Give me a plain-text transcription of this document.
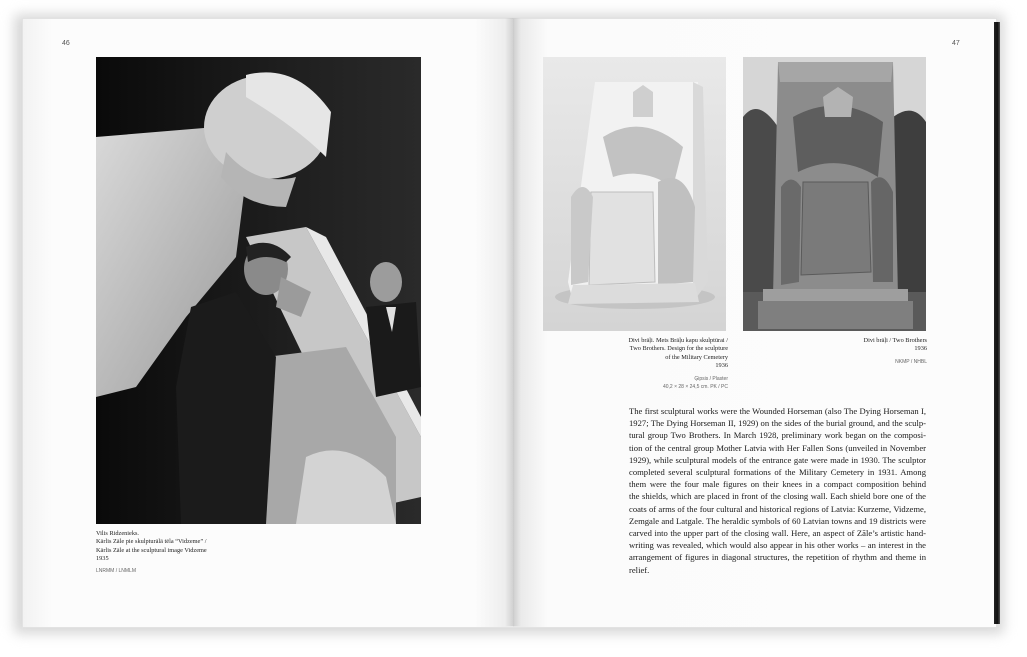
46	47
Vilis Ridzenieks.
Kārlis Zāle pie skulpturālā tēla “Vidzeme” /
Kārlis Zāle at the sculptural image Vidzeme
1935
LNRMM / LNMLM
Divi brāļi. Mets Brāļu kapu skulptūrai /
Two Brothers. Design for the sculpture
of the Military Cemetery
1936
Ģipsis / Plaster
40,2 × 28 × 24,5 cm. PK / PC
Divi brāļi / Two Brothers
1936
NKMP / NHBL
The first sculptural works were the Wounded Horseman (also The Dying Horseman I,
1927; The Dying Horseman II, 1929) on the sides of the burial ground, and the sculp-
tural group Two Brothers. In March 1928, preliminary work began on the composi-
tion of the central group Mother Latvia with Her Fallen Sons (unveiled in November
1929), while sculptural models of the entrance gate were made in 1930. The sculptor
completed several sculptural formations of the Military Cemetery in 1931. Among
them were the four male figures on their knees in a compact composition behind
the shields, which are placed in front of the closing wall. Each shield bore one of the
coats of arms of the four cultural and historical regions of Latvia: Kurzeme, Vidzeme,
Zemgale and Latgale. The heraldic symbols of 60 Latvian towns and 19 districts were
carved into the upper part of the closing wall. Here, an aspect of Zāle’s artistic hand-
writing was revealed, which would also appear in his other works – an interest in the
arrangement of figures in diagonal structures, the repetition of rhythm and theme in
relief.
